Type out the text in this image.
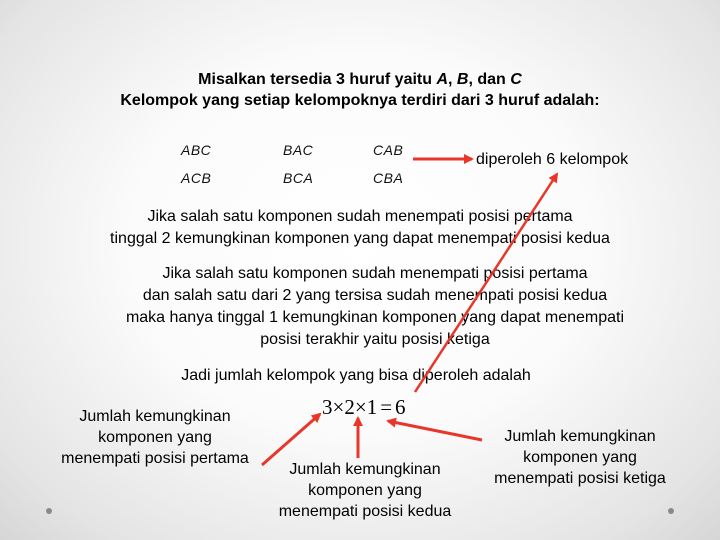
Misalkan tersedia 3 huruf yaitu A, B, dan C
Kelompok yang setiap kelompoknya terdiri dari 3 huruf adalah:
ABC	BAC	CAB
ACB	BCA	CBA
diperoleh 6 kelompok
Jika salah satu komponen sudah menempati posisi pertama
tinggal 2 kemungkinan komponen yang dapat menempati posisi kedua
Jika salah satu komponen sudah menempati posisi pertama
dan salah satu dari 2 yang tersisa sudah menempati posisi kedua
maka hanya tinggal 1 kemungkinan komponen yang dapat menempati
posisi terakhir yaitu posisi ketiga
Jadi jumlah kelompok yang bisa diperoleh adalah
3×2×1 = 6
Jumlah kemungkinan
komponen yang
menempati posisi pertama
Jumlah kemungkinan
komponen yang
menempati posisi kedua
Jumlah kemungkinan
komponen yang
menempati posisi ketiga
